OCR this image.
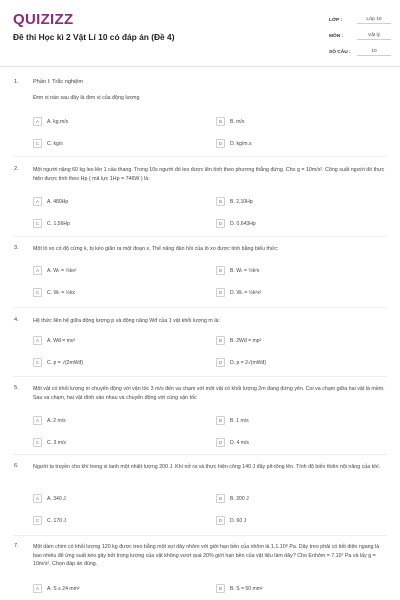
QUIZIZZ
Đề thi Học kì 2 Vật Lí 10 có đáp án (Đề 4)
LỚP :	Lớp 10
MÔN :	Vật lý
SỐ CÂU :	10
1.	Phần I: Trắc nghiệm
Đơn vị nào sau đây là đơn vị của động lượng
A	A. kg.m/s	B	B. m/s
C	C. kg/s	D	D. kg/m.s
2.	Một người nặng 60 kg leo lên 1 cầu thang. Trong 10s người đó leo được lên tính theo phương thẳng đứng. Cho g = 10m/s². Công suất người đó thực hiện được tính theo Hp ( mã lực 1Hp = 746W ) là:
A	A. 480Hp	B	B. 2,10Hp
C	C. 1,56Hp	D	D. 0,643Hp
3.	Một lò xo có độ cứng k, bị kéo giãn ra một đoạn x. Thế năng đàn hồi của lò xo được tính bằng biểu thức:
A	A. Wₜ = ½kx²	B	B. Wₜ = ½k²x
C	C. Wₜ = ½kx	D	D. Wₜ = ½k²x²
4.	Hệ thức liên hệ giữa động lượng p và động năng Wđ của 1 vật khối lượng m là:
A	A. Wđ = mv²	B	B. 2Wđ = mp²
C	C. p = √(2mWđ)	D	D. p = 2√(mWđ)
5.	Một vật có khối lượng m chuyển động với vận tốc 3 m/s đến va chạm với một vật có khối lượng 2m đang đứng yên. Coi va chạm giữa hai vật là mềm. Sau va chạm, hai vật dính vào nhau và chuyển động với cùng vận tốc
A	A. 2 m/s	B	B. 1 m/s
C	C. 3 m/s	D	D. 4 m/s
6.	Người ta truyền cho khí trong xi lanh một nhiệt lượng 200 J. Khí nở ra và thực hiện công 140 J đẩy pít-tông lên. Tính độ biến thiên nội năng của khí.
A	A. 340 J	B	B. 200 J
C	C. 170 J	D	D. 60 J
7.	Một dầm chìm có khối lượng 120 kg được treo bằng một sợi dây nhôm với giới hạn bền của nhôm là 1,1.10⁸ Pa. Dây treo phải có tiết diện ngang là bao nhiêu để ứng suất kéo gây bởi trọng lượng của vật không vượt quá 20% giới hạn bền của vật liệu làm dây? Cho Enhôm = 7.10⁷ Pa và lấy g = 10m/s². Chọn đáp án đúng.
A	A. S ≥ 24 mm²	B	B. S = 50 mm²
